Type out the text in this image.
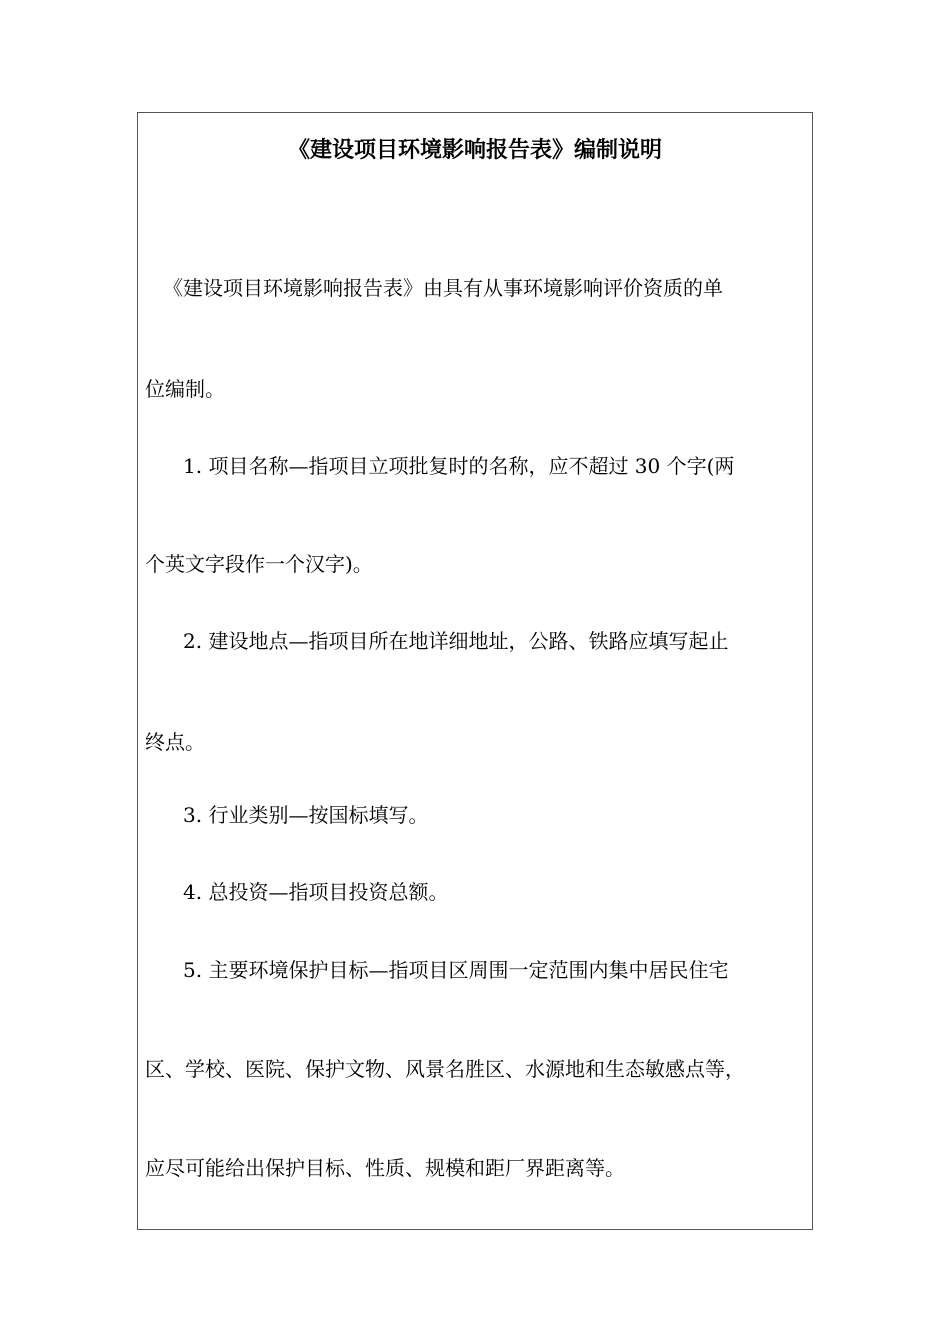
《建设项目环境影响报告表》编制说明
《建设项目环境影响报告表》由具有从事环境影响评价资质的单
位编制。
1. 项目名称—指项目立项批复时的名称，应不超过 30 个字(两
个英文字段作一个汉字)。
2. 建设地点—指项目所在地详细地址，公路、铁路应填写起止
终点。
3. 行业类别—按国标填写。
4. 总投资—指项目投资总额。
5. 主要环境保护目标—指项目区周围一定范围内集中居民住宅
区、学校、医院、保护文物、风景名胜区、水源地和生态敏感点等，
应尽可能给出保护目标、性质、规模和距厂界距离等。
